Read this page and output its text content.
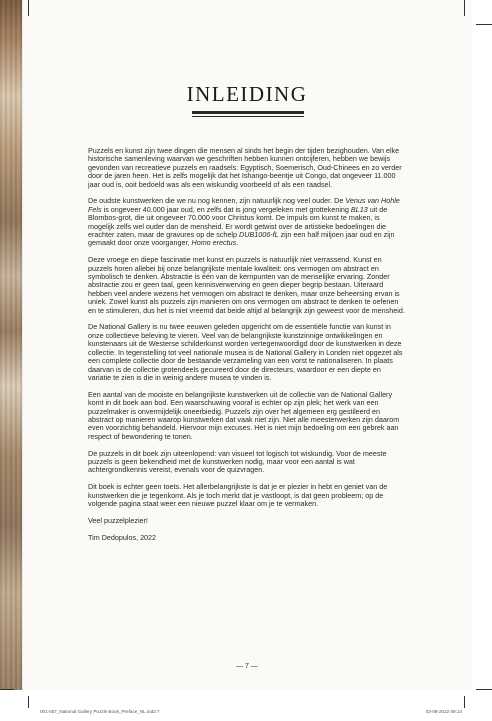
INLEIDING

Puzzels en kunst zijn twee dingen die mensen al sinds het begin der tijden bezighouden. Van elke historische samenleving waarvan we geschriften hebben kunnen ontcijferen, hebben we bewijs gevonden van recreatieve puzzels en raadsels: Egyptisch, Soemerisch, Oud-Chinees en zo verder door de jaren heen. Het is zelfs mogelijk dat het Ishango-beentje uit Congo, dat ongeveer 11.000 jaar oud is, ooit bedoeld was als een wiskundig voorbeeld of als een raadsel.

De oudste kunstwerken die we nu nog kennen, zijn natuurlijk nog veel ouder. De Venus van Hohle Fels is ongeveer 40.000 jaar oud, en zelfs dat is jong vergeleken met grottekening BL13 uit de Blombos-grot, die uit ongeveer 70.000 voor Christus komt. De impuls om kunst te maken, is mogelijk zelfs wel ouder dan de mensheid. Er wordt getwist over de artistieke bedoelingen die erachter zaten, maar de gravures op de schelp DUB1006-fL zijn een half miljoen jaar oud en zijn gemaakt door onze voorganger, Homo erectus.

Deze vroege en diepe fascinatie met kunst en puzzels is natuurlijk niet verrassend. Kunst en puzzels horen allebei bij onze belangrijkste mentale kwaliteit: ons vermogen om abstract en symbolisch te denken. Abstractie is één van de kernpunten van de menselijke ervaring. Zonder abstractie zou er geen taal, geen kennisverwerving en geen dieper begrip bestaan. Uiteraard hebben veel andere wezens het vermogen om abstract te denken, maar onze beheersing ervan is uniek. Zowel kunst als puzzels zijn manieren om ons vermogen om abstract te denken te oefenen en te stimuleren, dus het is niet vreemd dat beide altijd al belangrijk zijn geweest voor de mensheid.

De National Gallery is nu twee eeuwen geleden opgericht om de essentiële functie van kunst in onze collectieve beleving te vieren. Veel van de belangrijkste kunstzinnige ontwikkelingen en kunstenaars uit de Westerse schilderkunst worden vertegenwoordigd door de kunstwerken in deze collectie. In tegenstelling tot veel nationale musea is de National Gallery in Londen niet opgezet als een complete collectie door de bestaande verzameling van een vorst te nationaliseren. In plaats daarvan is de collectie grotendeels gecureerd door de directeurs, waardoor er een diepte en variatie te zien is die in weinig andere musea te vinden is.

Een aantal van de mooiste en belangrijkste kunstwerken uit de collectie van de National Gallery komt in dit boek aan bod. Een waarschuwing vooraf is echter op zijn plek; het werk van een puzzelmaker is onvermijdelijk oneerbiedig. Puzzels zijn over het algemeen erg gestileerd en abstract op manieren waarop kunstwerken dat vaak niet zijn. Niet alle meesterwerken zijn daarom even voorzichtig behandeld. Hiervoor mijn excuses. Het is niet mijn bedoeling om een gebrek aan respect of bewondering te tonen.

De puzzels in dit boek zijn uiteenlopend: van visueel tot logisch tot wiskundig. Voor de meeste puzzels is geen bekendheid met de kunstwerken nodig, maar voor een aantal is wat achtergrondkennis vereist, evenals voor de quizvragen.

Dit boek is echter geen toets. Het allerbelangrijkste is dat je er plezier in hebt en geniet van de kunstwerken die je tegenkomt. Als je toch merkt dat je vastloopt, is dat geen probleem; op de volgende pagina staat weer een nieuwe puzzel klaar om je te vermaken.

Veel puzzelplezier!

Tim Dedopulos, 2022

— 7 —
001-007_National Gallery Puzzle Book_Preface_NL.indd 7	03-08-2022 09:14
